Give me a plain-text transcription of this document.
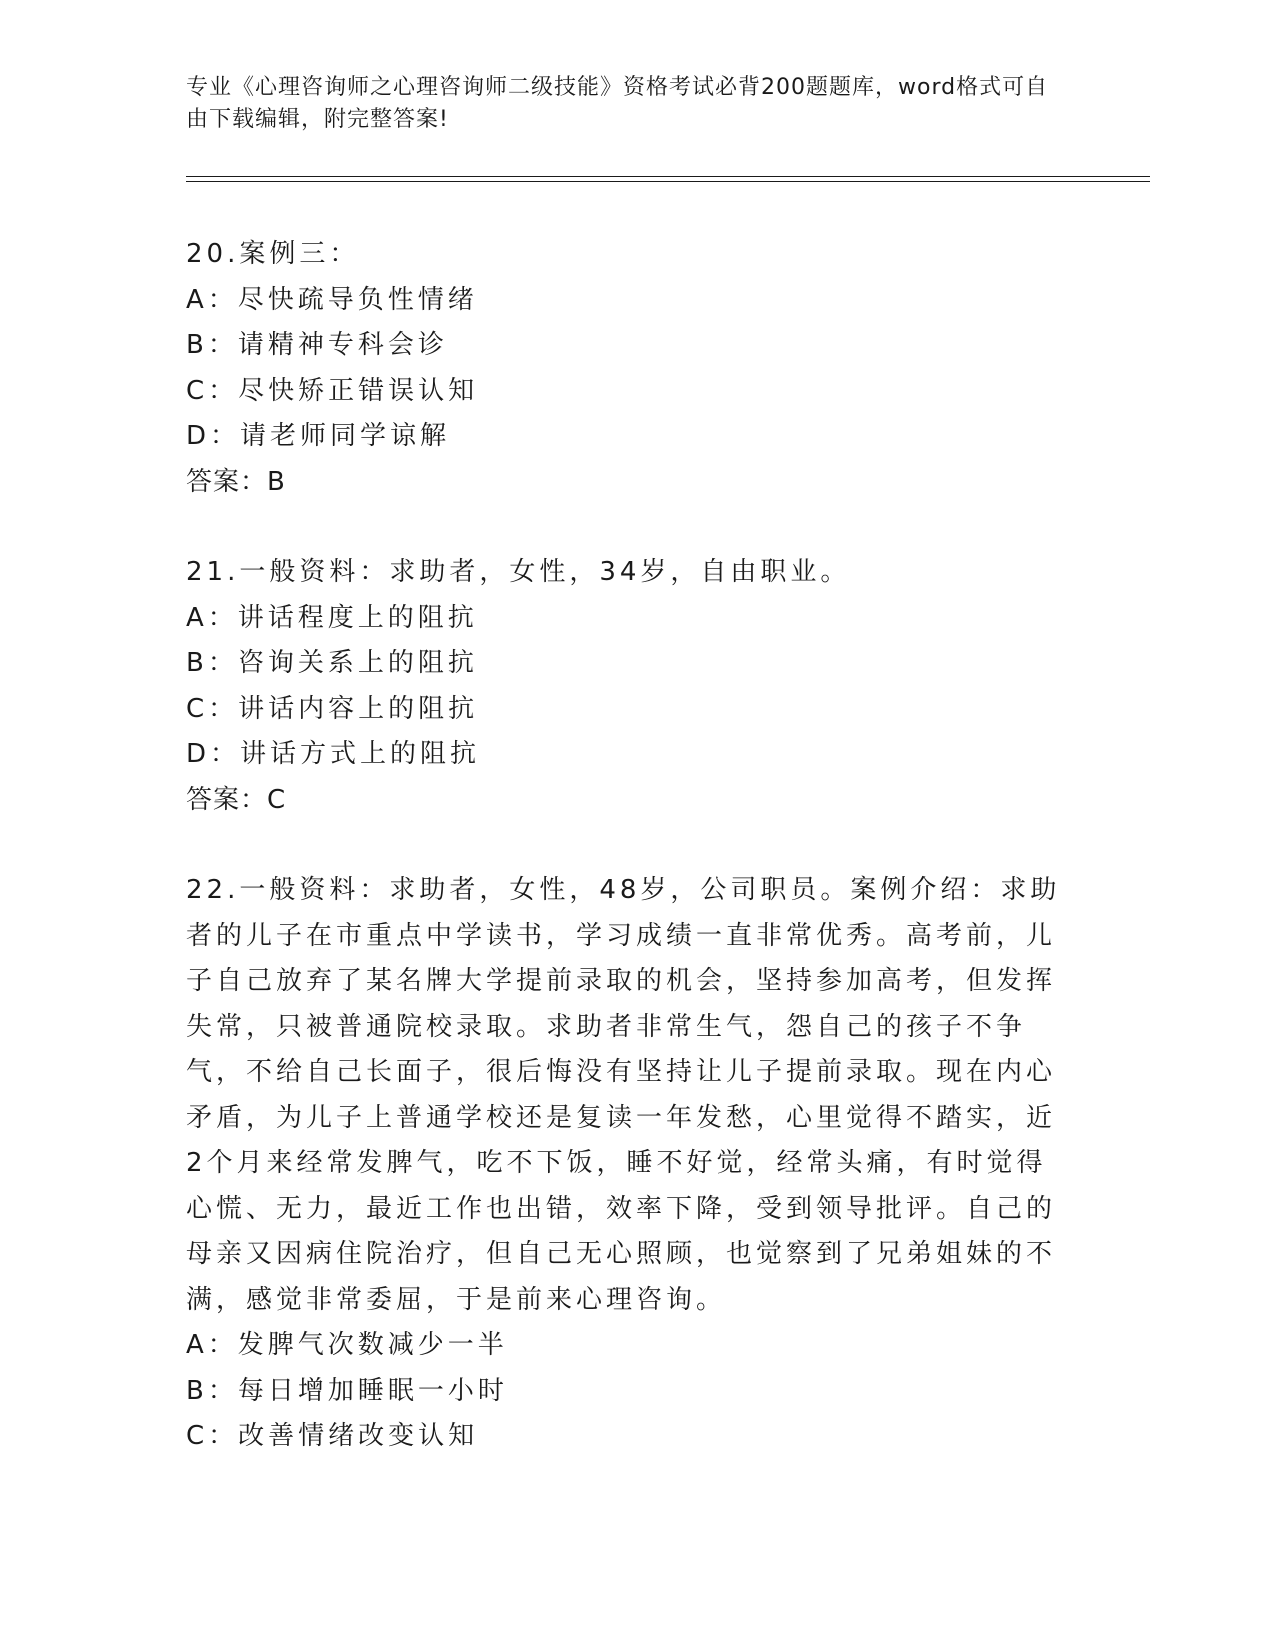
专业《心理咨询师之心理咨询师二级技能》资格考试必背200题题库，word格式可自由下载编辑，附完整答案!

20.案例三：

A：尽快疏导负性情绪

B：请精神专科会诊

C：尽快矫正错误认知

D：请老师同学谅解

答案：B

21.一般资料：求助者，女性，34岁，自由职业。

A：讲话程度上的阻抗

B：咨询关系上的阻抗

C：讲话内容上的阻抗

D：讲话方式上的阻抗

答案：C

22.一般资料：求助者，女性，48岁，公司职员。案例介绍：求助者的儿子在市重点中学读书，学习成绩一直非常优秀。高考前，儿子自己放弃了某名牌大学提前录取的机会，坚持参加高考，但发挥失常，只被普通院校录取。求助者非常生气，怨自己的孩子不争气，不给自己长面子，很后悔没有坚持让儿子提前录取。现在内心矛盾，为儿子上普通学校还是复读一年发愁，心里觉得不踏实，近2个月来经常发脾气，吃不下饭，睡不好觉，经常头痛，有时觉得心慌、无力，最近工作也出错，效率下降，受到领导批评。自己的母亲又因病住院治疗，但自己无心照顾，也觉察到了兄弟姐妹的不满，感觉非常委屈，于是前来心理咨询。

A：发脾气次数减少一半

B：每日增加睡眠一小时

C：改善情绪改变认知
